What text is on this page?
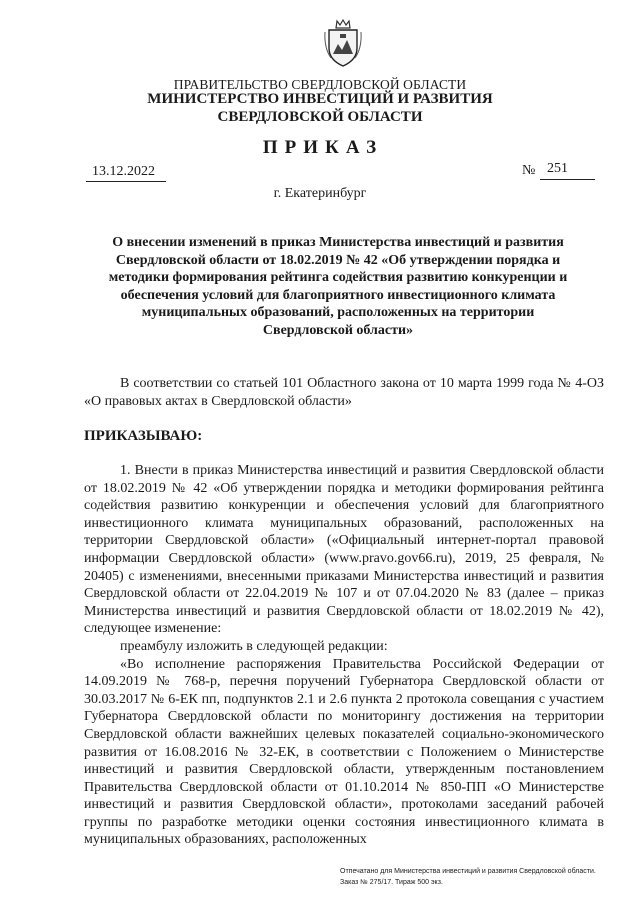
ПРАВИТЕЛЬСТВО СВЕРДЛОВСКОЙ ОБЛАСТИ
МИНИСТЕРСТВО ИНВЕСТИЦИЙ И РАЗВИТИЯ
СВЕРДЛОВСКОЙ ОБЛАСТИ
ПРИКАЗ
13.12.2022	№ 251
г. Екатеринбург
О внесении изменений в приказ Министерства инвестиций и развития Свердловской области от 18.02.2019 № 42 «Об утверждении порядка и методики формирования рейтинга содействия развитию конкуренции и обеспечения условий для благоприятного инвестиционного климата муниципальных образований, расположенных на территории Свердловской области»
В соответствии со статьей 101 Областного закона от 10 марта 1999 года № 4-ОЗ «О правовых актах в Свердловской области»
ПРИКАЗЫВАЮ:

1. Внести в приказ Министерства инвестиций и развития Свердловской области от 18.02.2019 № 42 «Об утверждении порядка и методики формирования рейтинга содействия развитию конкуренции и обеспечения условий для благоприятного инвестиционного климата муниципальных образований, расположенных на территории Свердловской области» («Официальный интернет-портал правовой информации Свердловской области» (www.pravo.gov66.ru), 2019, 25 февраля, № 20405) с изменениями, внесенными приказами Министерства инвестиций и развития Свердловской области от 22.04.2019 № 107 и от 07.04.2020 № 83 (далее – приказ Министерства инвестиций и развития Свердловской области от 18.02.2019 № 42), следующее изменение:

преамбулу изложить в следующей редакции:

«Во исполнение распоряжения Правительства Российской Федерации от 14.09.2019 № 768-р, перечня поручений Губернатора Свердловской области от 30.03.2017 № 6-ЕК пп, подпунктов 2.1 и 2.6 пункта 2 протокола совещания с участием Губернатора Свердловской области по мониторингу достижения на территории Свердловской области важнейших целевых показателей социально-экономического развития от 16.08.2016 № 32-ЕК, в соответствии с Положением о Министерстве инвестиций и развития Свердловской области, утвержденным постановлением Правительства Свердловской области от 01.10.2014 № 850-ПП «О Министерстве инвестиций и развития Свердловской области», протоколами заседаний рабочей группы по разработке методики оценки состояния инвестиционного климата в муниципальных образованиях, расположенных

Отпечатано для Министерства инвестиций и развития Свердловской области.
Заказ № 275/17. Тираж 500 экз.
